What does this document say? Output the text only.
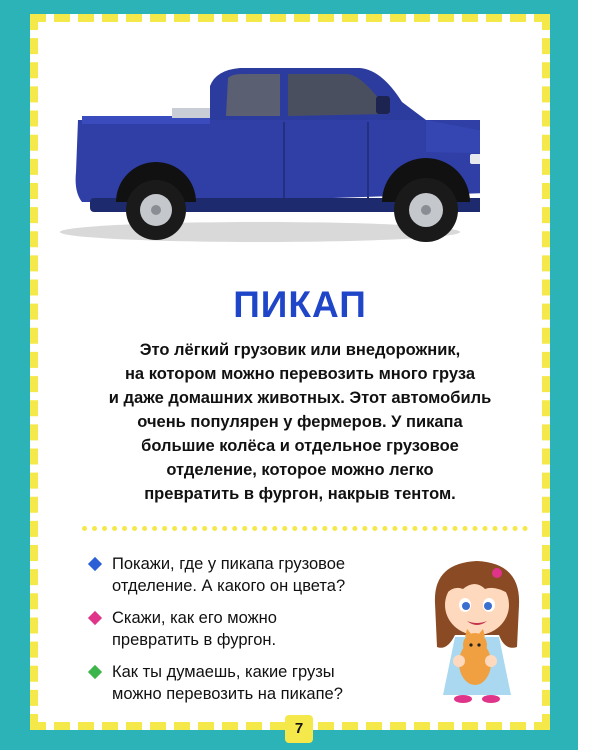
ПИКАП
Это лёгкий грузовик или внедорожник,
на котором можно перевозить много груза
и даже домашних животных. Этот автомобиль
очень популярен у фермеров. У пикапа
большие колёса и отдельное грузовое
отделение, которое можно легко
превратить в фургон, накрыв тентом.
Покажи, где у пикапа грузовое
отделение. А какого он цвета?
Скажи, как его можно
превратить в фургон.
Как ты думаешь, какие грузы
можно перевозить на пикапе?
7
